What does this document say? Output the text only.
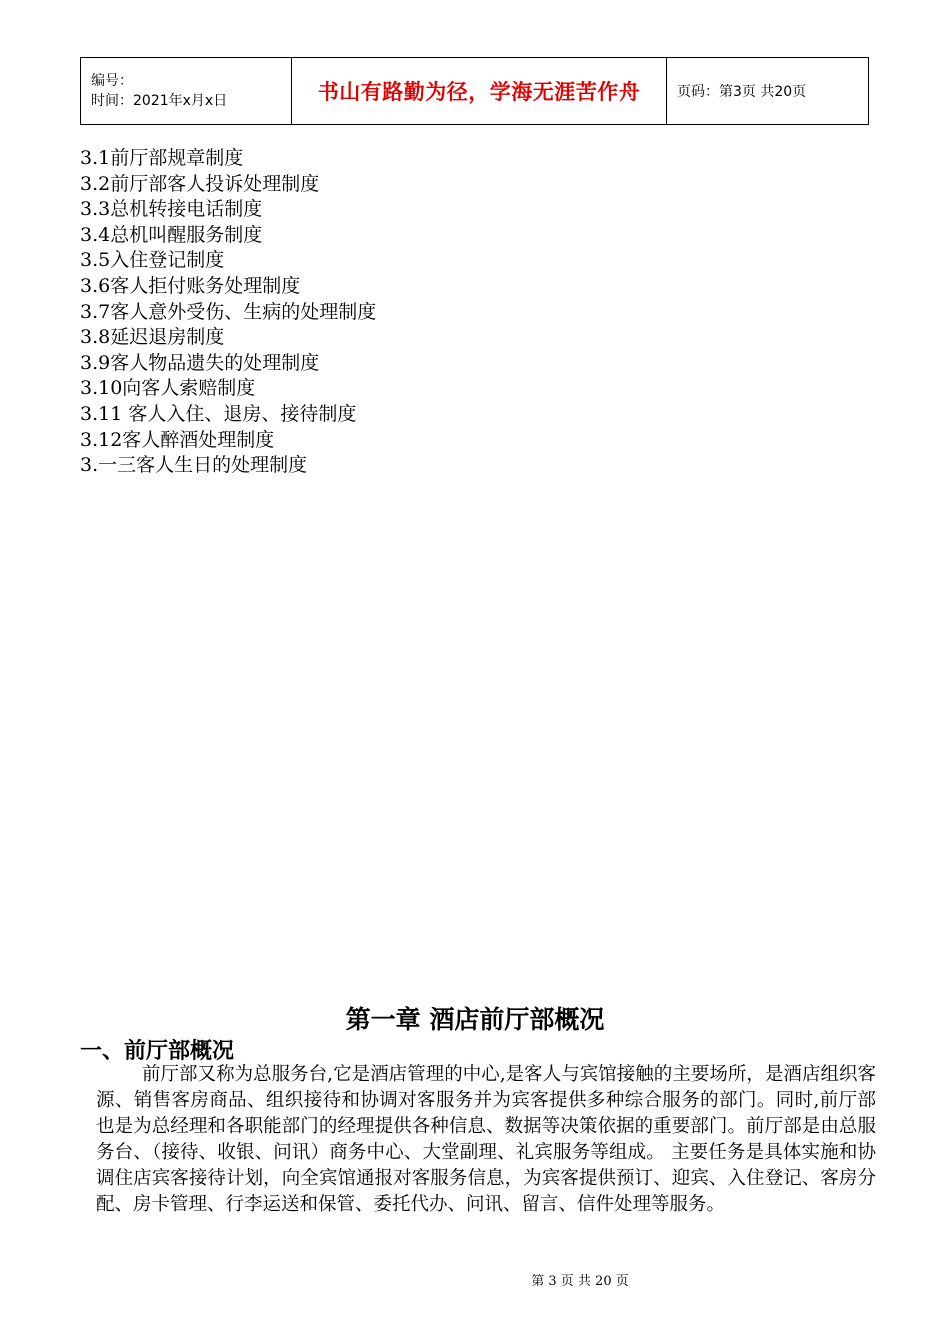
编号：
时间：2021年x月x日	书山有路勤为径，学海无涯苦作舟	页码：第3页 共20页
3.1前厅部规章制度
3.2前厅部客人投诉处理制度
3.3总机转接电话制度
3.4总机叫醒服务制度
3.5入住登记制度
3.6客人拒付账务处理制度
3.7客人意外受伤、生病的处理制度
3.8延迟退房制度
3.9客人物品遗失的处理制度
3.10向客人索赔制度
3.11 客人入住、退房、接待制度
3.12客人醉酒处理制度
3.一三客人生日的处理制度
第一章 酒店前厅部概况
一、前厅部概况

前厅部又称为总服务台,它是酒店管理的中心,是客人与宾馆接触的主要场所，是酒店组织客源、销售客房商品、组织接待和协调对客服务并为宾客提供多种综合服务的部门。同时,前厅部也是为总经理和各职能部门的经理提供各种信息、数据等决策依据的重要部门。前厅部是由总服务台、（接待、收银、问讯）商务中心、大堂副理、礼宾服务等组成。 主要任务是具体实施和协调住店宾客接待计划，向全宾馆通报对客服务信息，为宾客提供预订、迎宾、入住登记、客房分配、房卡管理、行李运送和保管、委托代办、问讯、留言、信件处理等服务。

第 3 页 共 20 页
